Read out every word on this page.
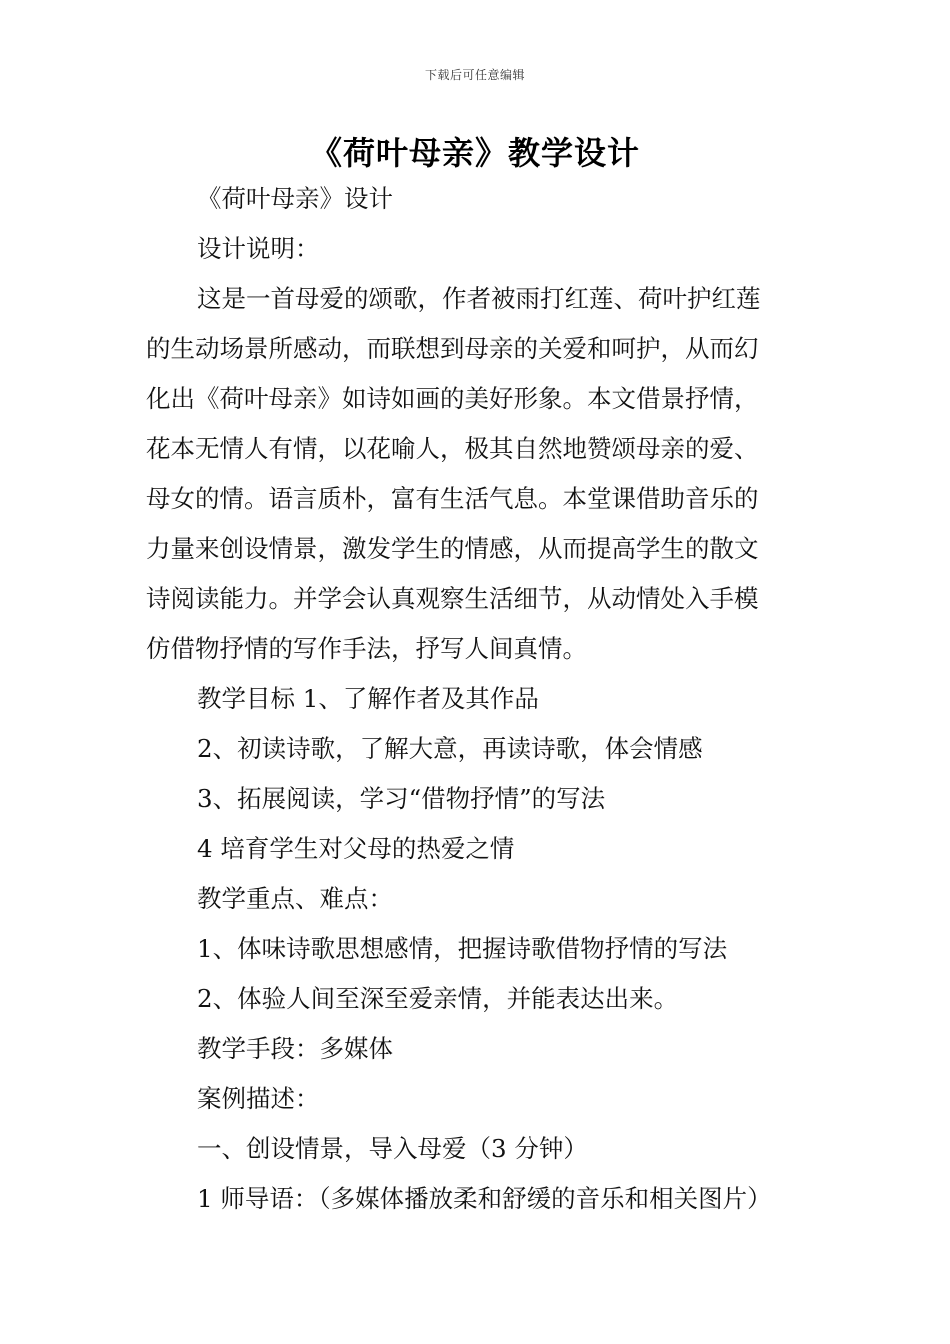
下载后可任意编辑
《荷叶母亲》教学设计
《荷叶母亲》设计
设计说明：
这是一首母爱的颂歌，作者被雨打红莲、荷叶护红莲
的生动场景所感动，而联想到母亲的关爱和呵护，从而幻
化出《荷叶母亲》如诗如画的美好形象。本文借景抒情，
花本无情人有情，以花喻人，极其自然地赞颂母亲的爱、
母女的情。语言质朴，富有生活气息。本堂课借助音乐的
力量来创设情景，激发学生的情感，从而提高学生的散文
诗阅读能力。并学会认真观察生活细节，从动情处入手模
仿借物抒情的写作手法，抒写人间真情。
教学目标 1、了解作者及其作品
2、初读诗歌，了解大意，再读诗歌，体会情感
3、拓展阅读，学习“借物抒情”的写法
4 培育学生对父母的热爱之情
教学重点、难点：
1、体味诗歌思想感情，把握诗歌借物抒情的写法
2、体验人间至深至爱亲情，并能表达出来。
教学手段：多媒体
案例描述：
一、创设情景，导入母爱（3 分钟）
1 师导语：（多媒体播放柔和舒缓的音乐和相关图片）
